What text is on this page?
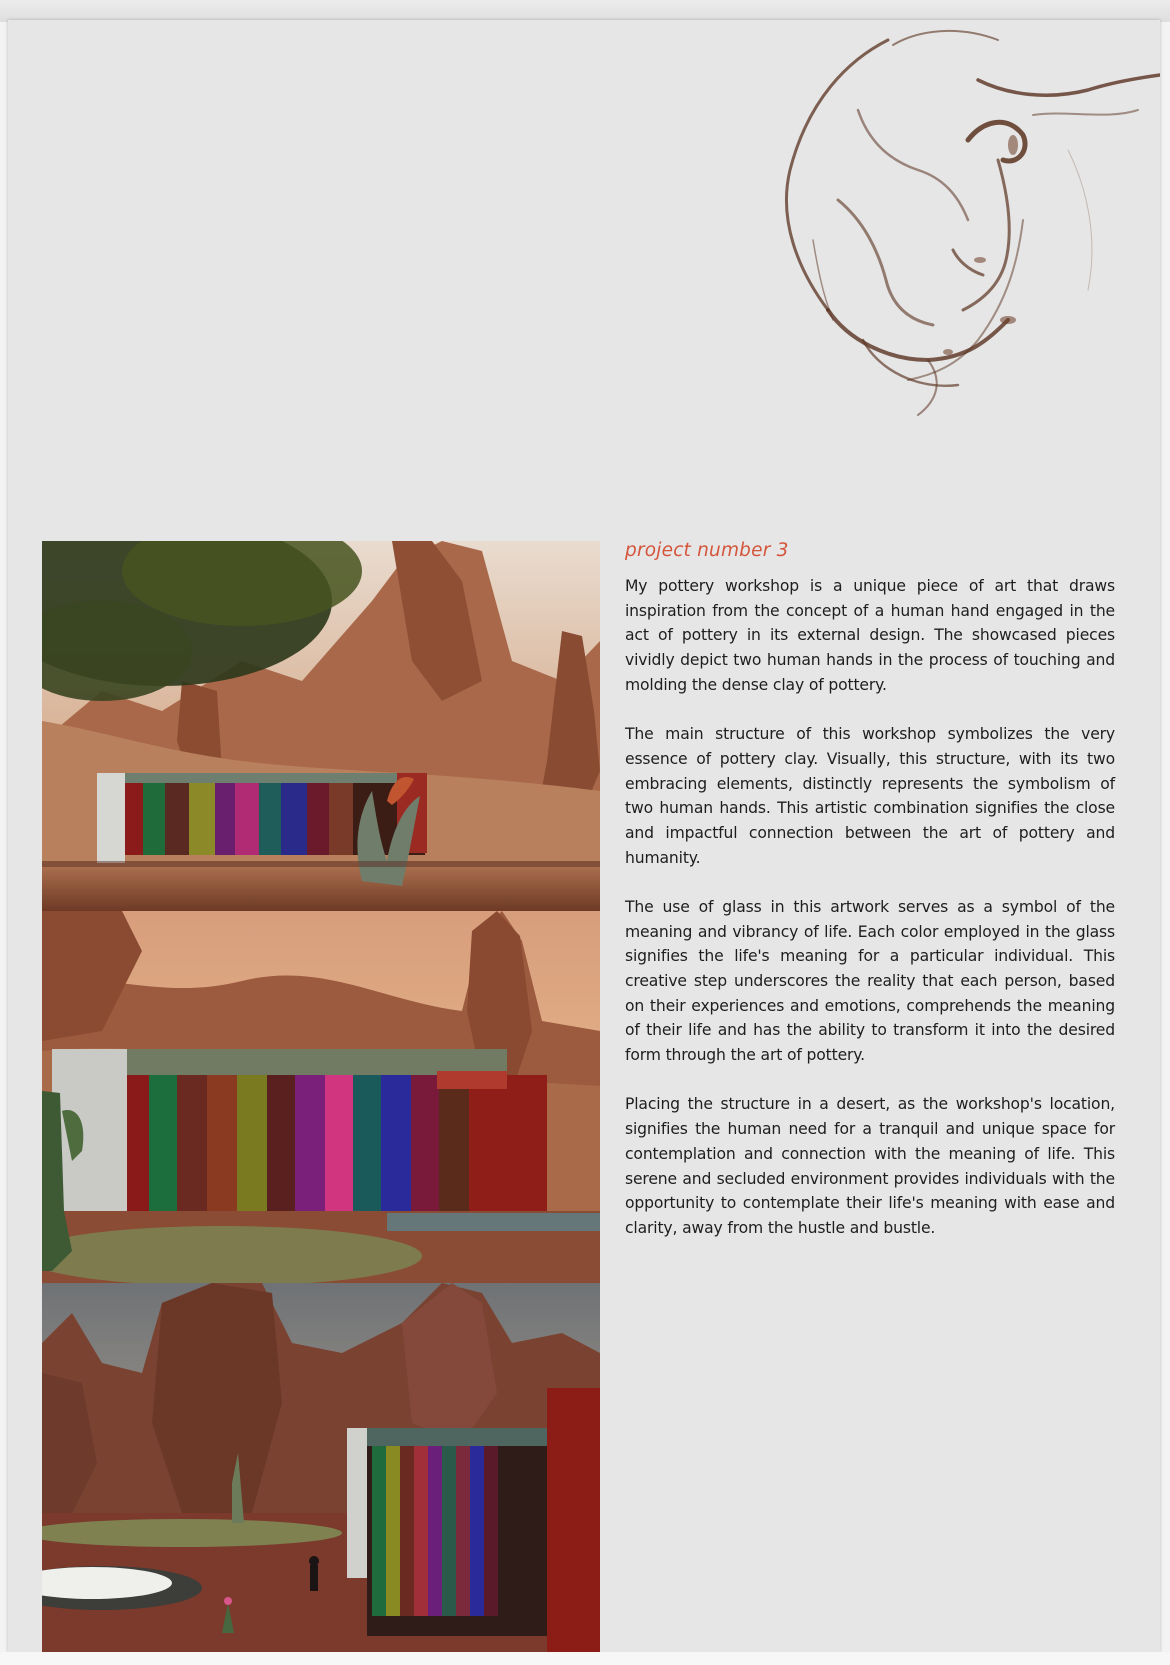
project number 3

My pottery workshop is a unique piece of art that draws inspiration from the concept of a human hand engaged in the act of pottery in its external design. The showcased pieces vividly depict two human hands in the process of touching and molding the dense clay of pottery.

The main structure of this workshop symbolizes the very essence of pottery clay. Visually, this structure, with its two embracing elements, distinctly represents the symbolism of two human hands. This artistic combination signifies the close and impactful connection between the art of pottery and humanity.

The use of glass in this artwork serves as a symbol of the meaning and vibrancy of life. Each color employed in the glass signifies the life's meaning for a particular individual. This creative step underscores the reality that each person, based on their experiences and emotions, comprehends the meaning of their life and has the ability to transform it into the desired form through the art of pottery.

Placing the structure in a desert, as the workshop's location, signifies the human need for a tranquil and unique space for contemplation and connection with the meaning of life. This serene and secluded environment provides individuals with the opportunity to contemplate their life's meaning with ease and clarity, away from the hustle and bustle.
